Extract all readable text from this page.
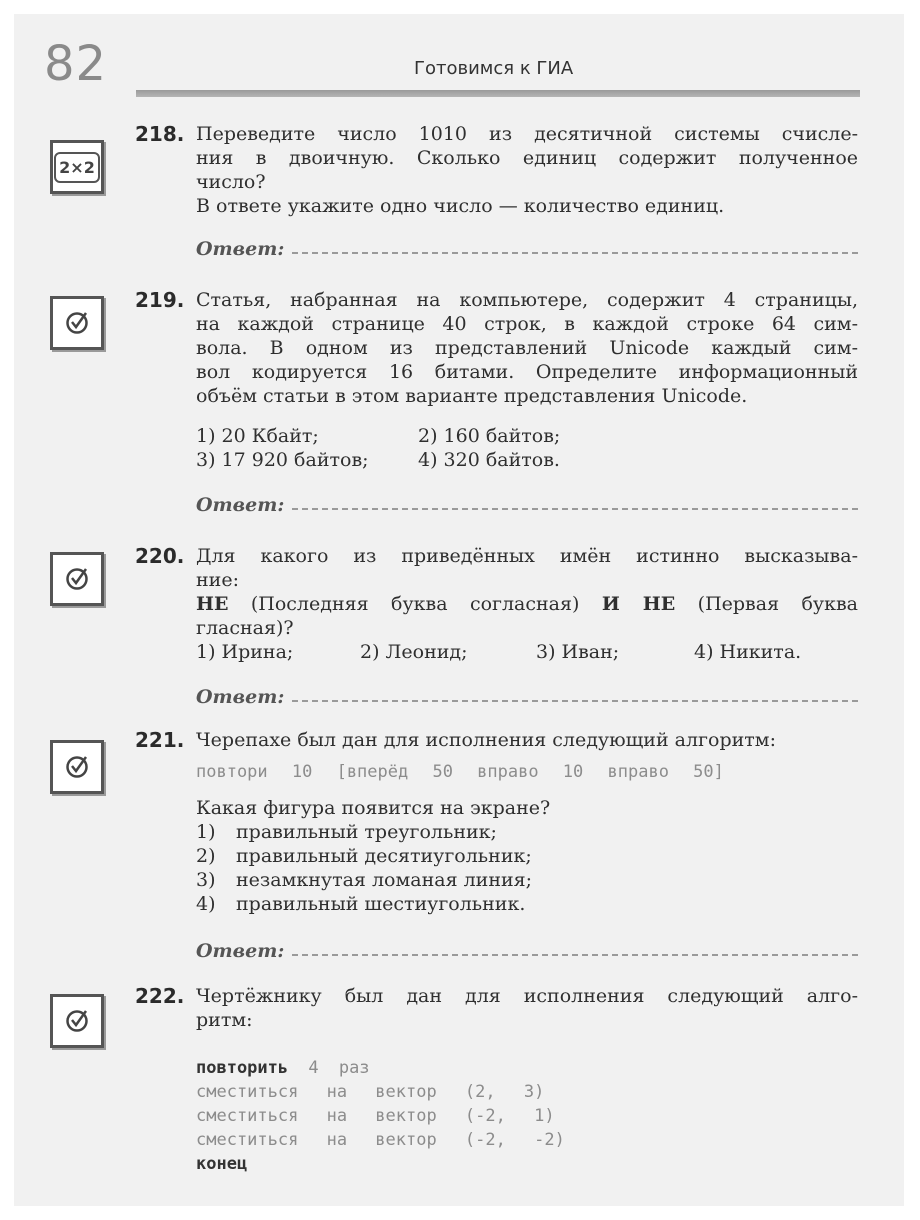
82	Готовимся к ГИА
2×2
218. Переведите число 1010 из десятичной системы счисле-

ния в двоичную. Сколько единиц содержит полученное

число?

В ответе укажите одно число — количество единиц.

Ответ:
219. Статья, набранная на компьютере, содержит 4 страницы,

на каждой странице 40 строк, в каждой строке 64 сим-

вола. В одном из представлений Unicode каждый сим-

вол кодируется 16 битами. Определите информационный

объём статьи в этом варианте представления Unicode.

1) 20 Кбайт;	2) 160 байтов;
3) 17 920 байтов;	4) 320 байтов.
Ответ:
220. Для какого из приведённых имён истинно высказыва-

ние:

НЕ (Последняя буква согласная) И НЕ (Первая буква

гласная)?

1) Ирина;	2) Леонид;	3) Иван;	4) Никита.
Ответ:
221. Черепахе был дан для исполнения следующий алгоритм:

повтори 10 [вперёд 50 вправо 10 вправо 50]

Какая фигура появится на экране?

1)	правильный треугольник;
2)	правильный десятиугольник;
3)	незамкнутая ломаная линия;
4)	правильный шестиугольник.
Ответ:
222. Чертёжнику был дан для исполнения следующий алго-

ритм:

повторить 4 раз
сместиться на вектор (2, 3)
сместиться на вектор (-2, 1)
сместиться на вектор (-2, -2)
конец
